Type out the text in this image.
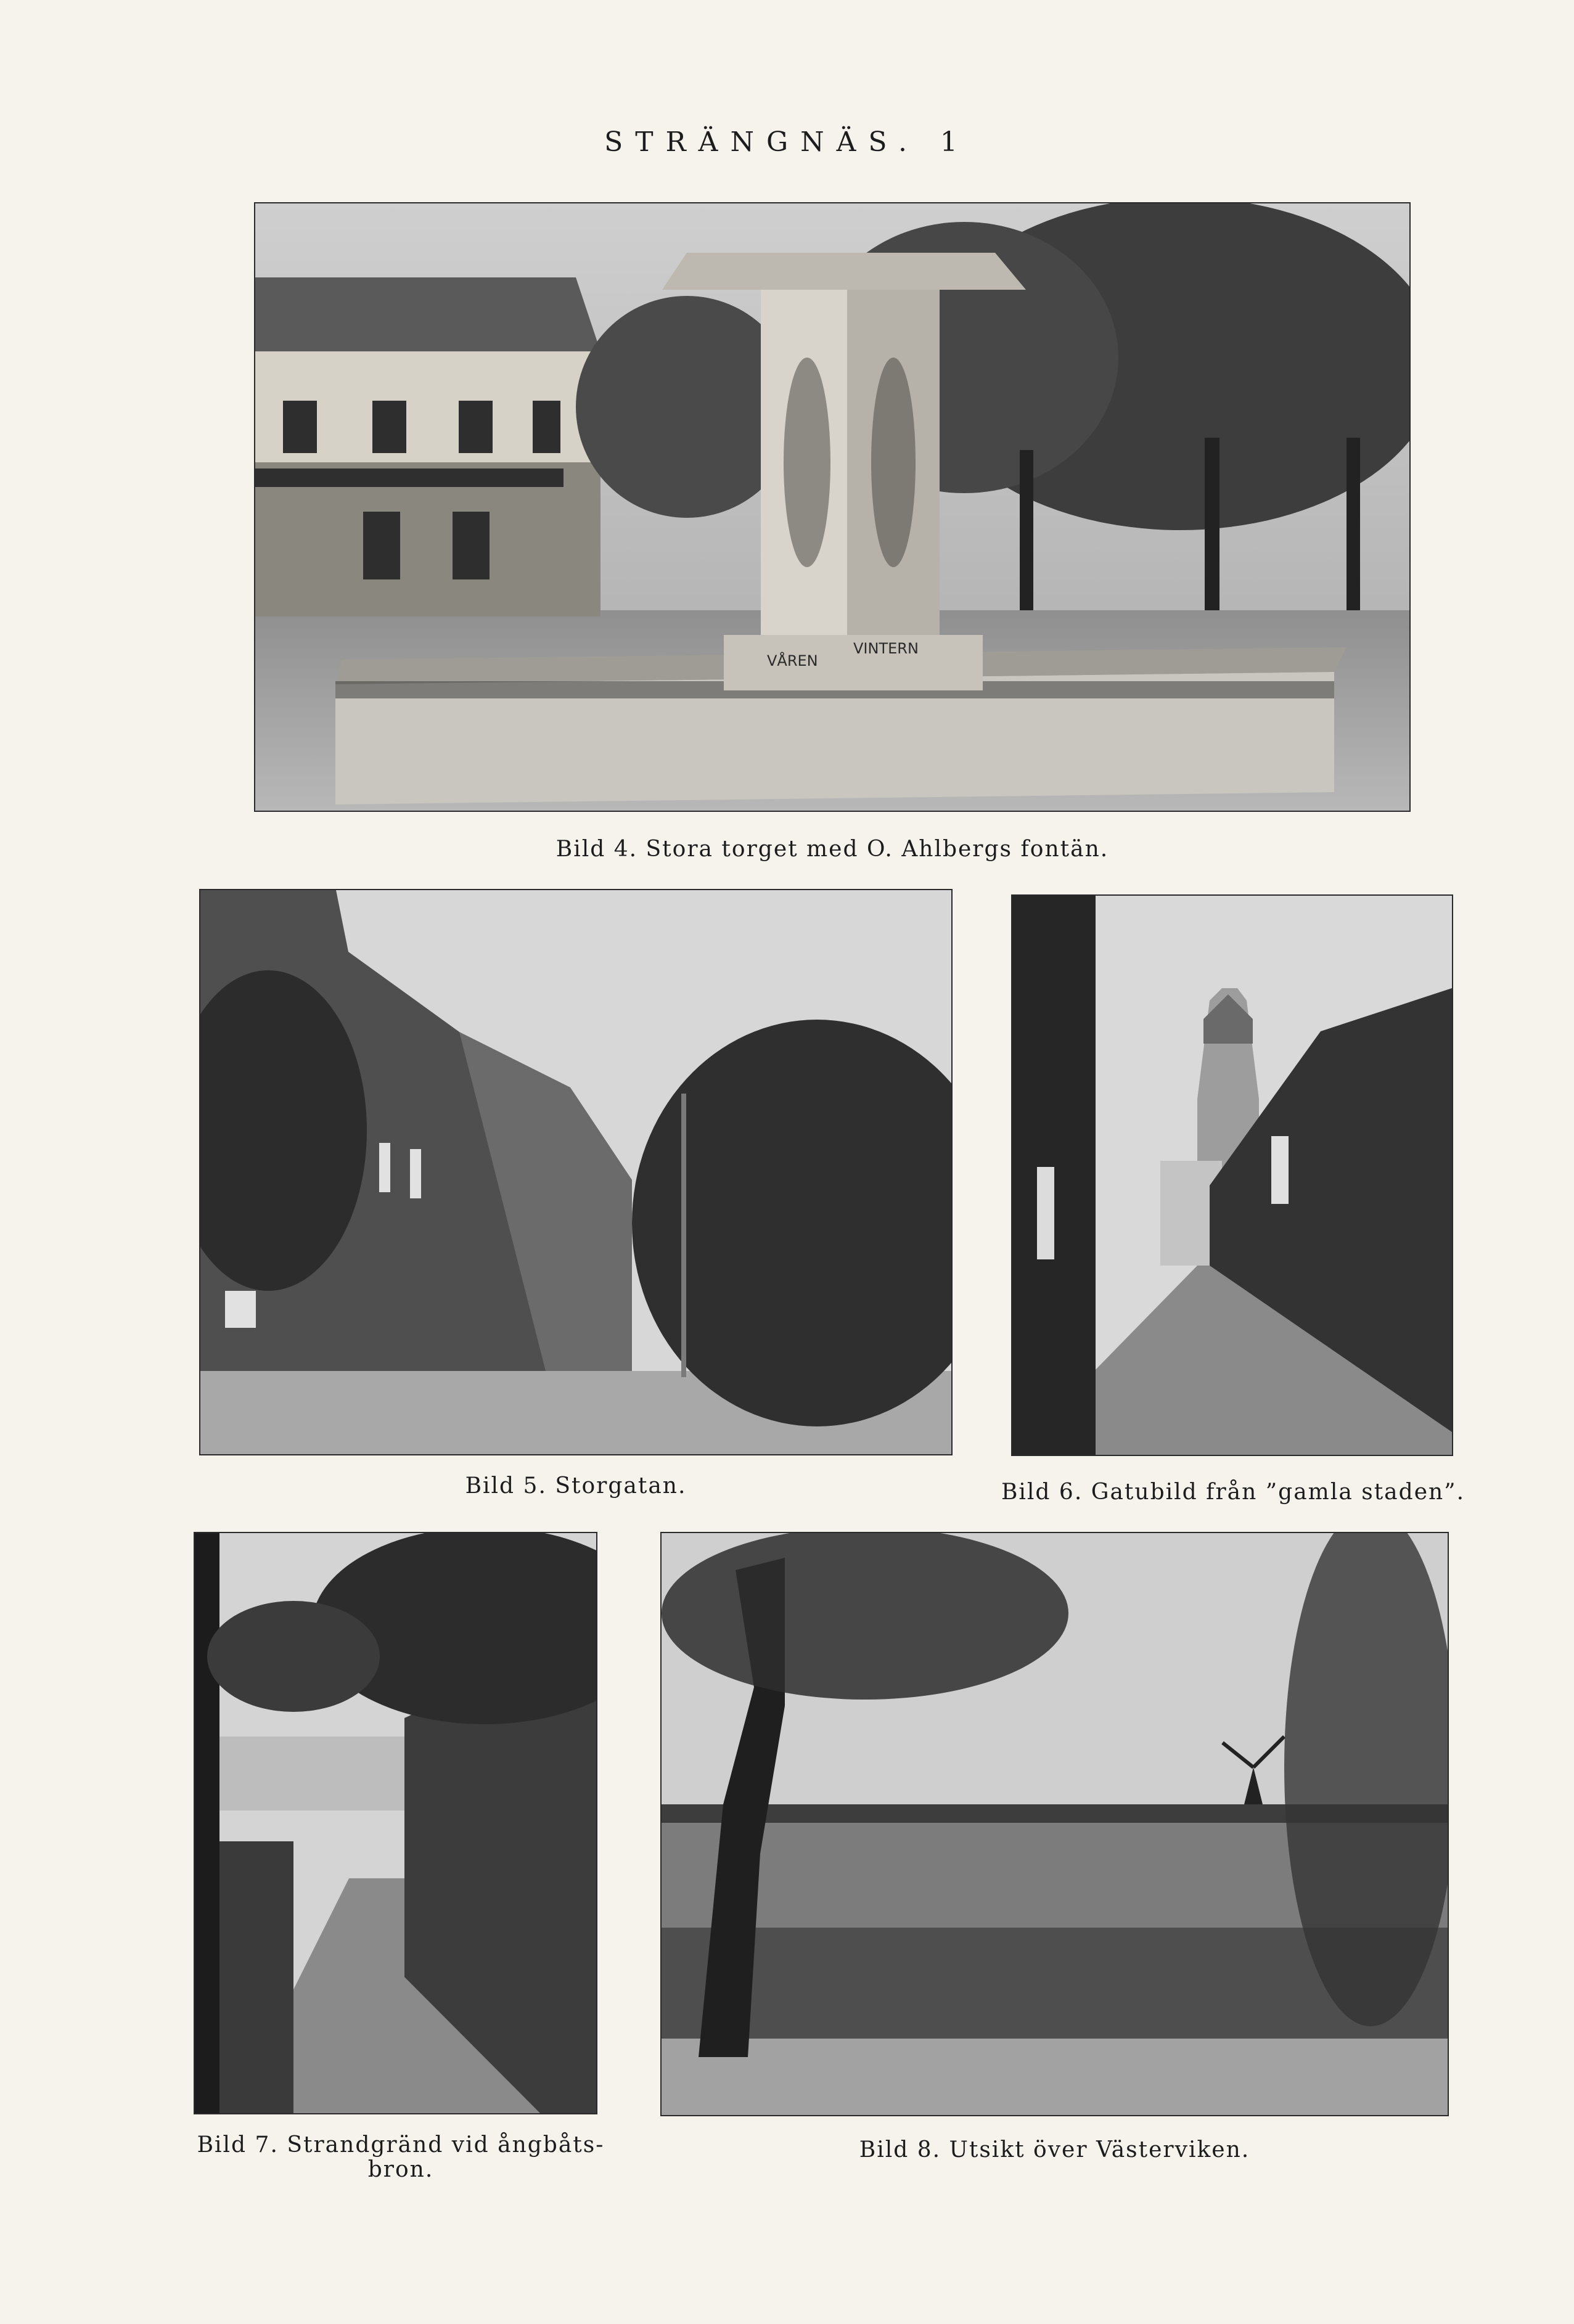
STRÄNGNÄS. 1
VÅREN
VINTERN
Bild 4. Stora torget med O. Ahlbergs fontän.
Bild 5. Storgatan.	Bild 6. Gatubild från ”gamla staden”.
Bild 7. Strandgränd vid ångbåts-
bron.
Bild 8. Utsikt över Västerviken.
